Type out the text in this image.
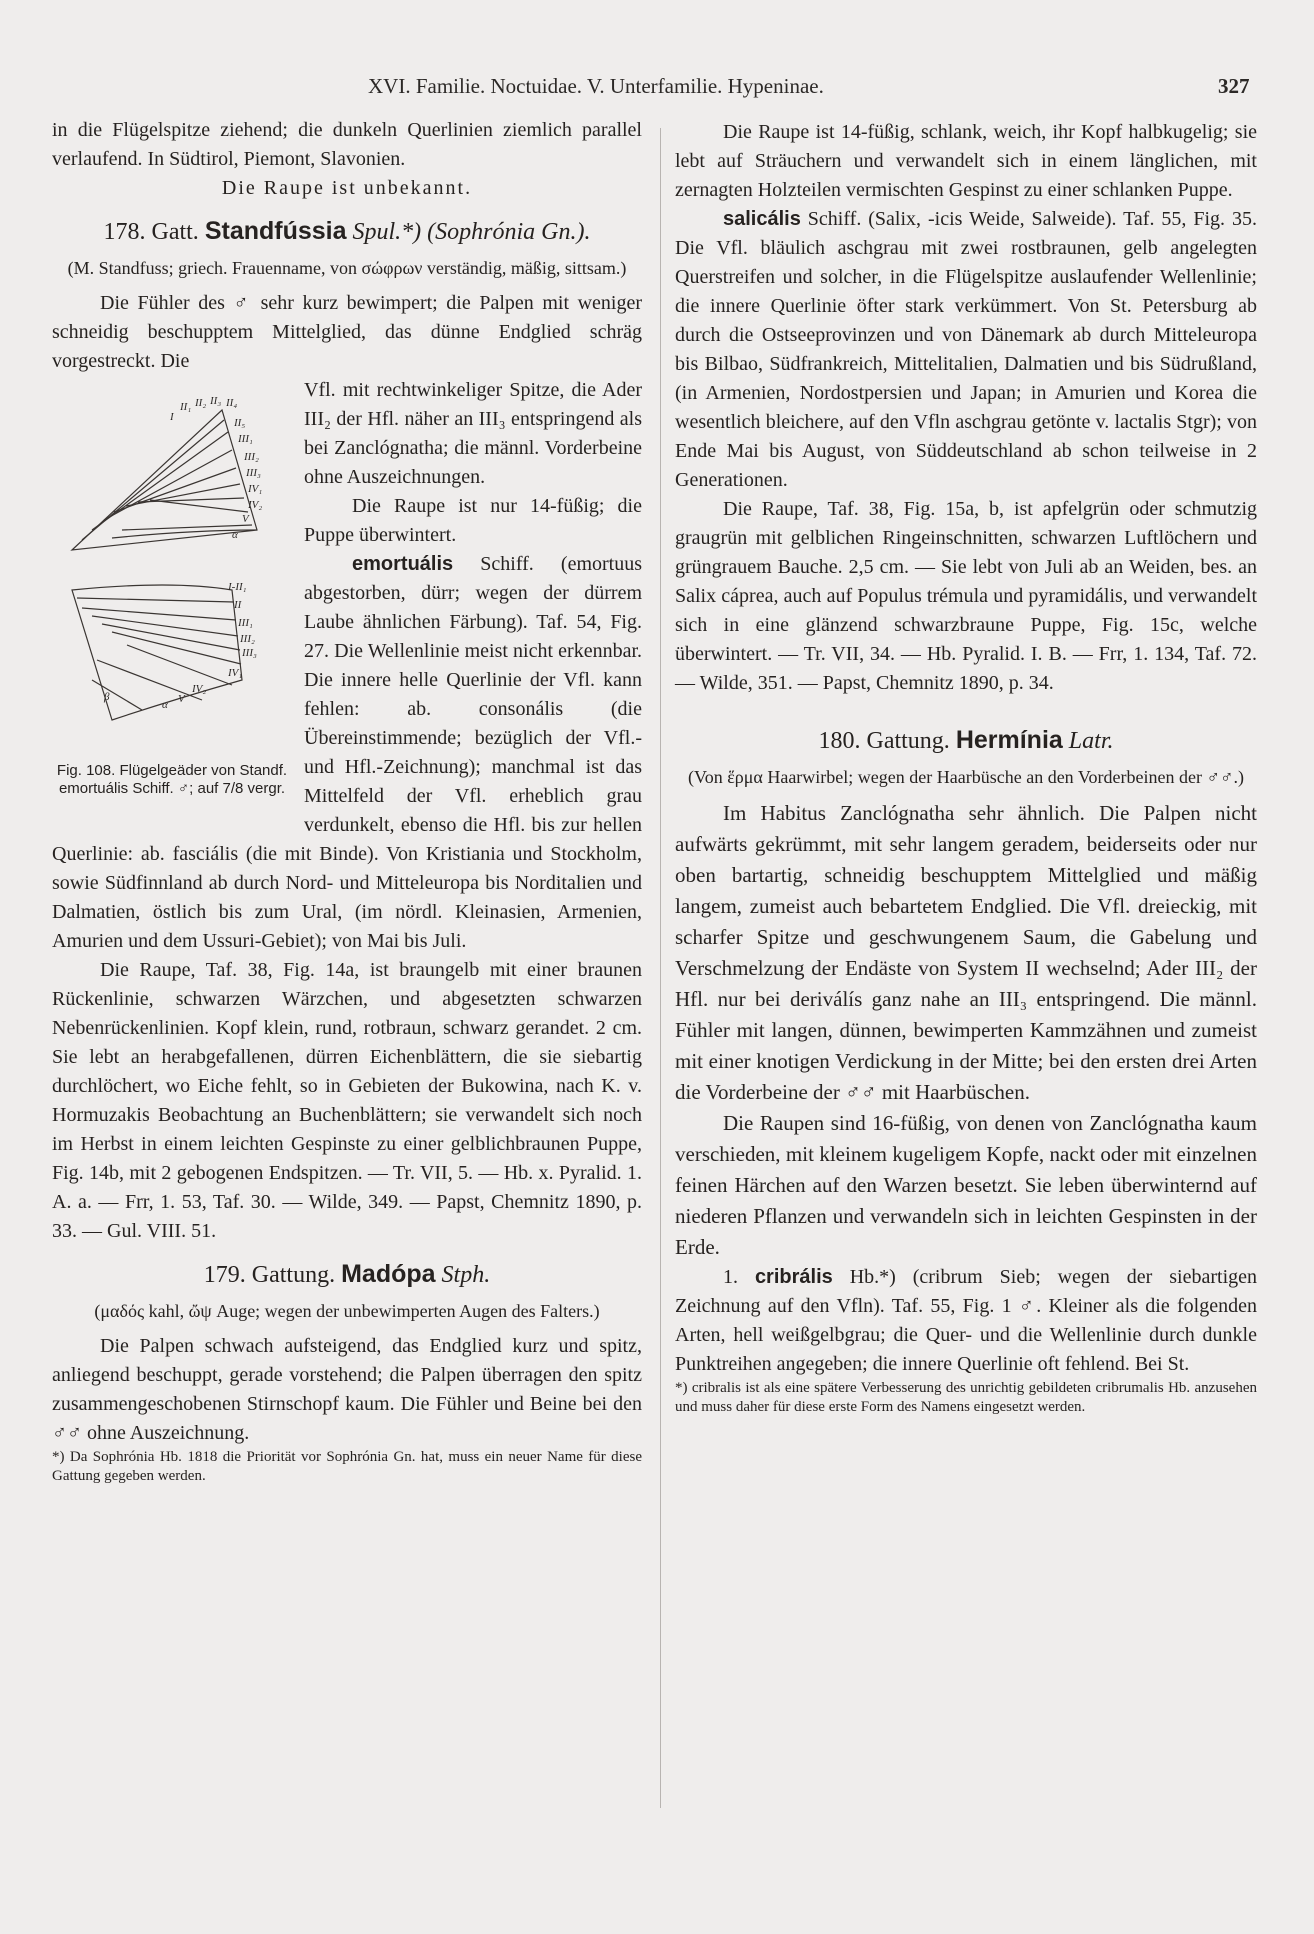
XVI. Familie. Noctuidae. V. Unterfamilie. Hypeninae.	327

in die Flügelspitze ziehend; die dunkeln Querlinien ziemlich parallel verlaufend. In Südtirol, Piemont, Slavonien.

Die Raupe ist unbekannt.

178. Gatt. Standfússia Spul.*) (Sophrónia Gn.).

(M. Standfuss; griech. Frauenname, von σώφρων verständig, mäßig, sittsam.)

Die Fühler des ♂ sehr kurz bewimpert; die Palpen mit weniger schneidig beschupptem Mittelglied, das dünne Endglied schräg vorgestreckt. Die

I
II₁ II₂ II₃ II₄
II₅
III₁
III₂
III₃
IV₁
IV₂
V
α
I-II₁
II
III₁
III₂
III₃
IV₁
IV₂
V
α
β
Fig. 108. Flügelgeäder von Standf. emortuális Schiff. ♂; auf 7/8 vergr.

Vfl. mit rechtwinkeliger Spitze, die Ader III₂ der Hfl. näher an III₃ entspringend als bei Zanclógnatha; die männl. Vorderbeine ohne Auszeichnungen.

Die Raupe ist nur 14-füßig; die Puppe überwintert.

emortuális Schiff. (emortuus abgestorben, dürr; wegen der dürrem Laube ähnlichen Färbung). Taf. 54, Fig. 27. Die Wellenlinie meist nicht erkennbar. Die innere helle Querlinie der Vfl. kann fehlen: ab. consonális (die Übereinstimmende; bezüglich der Vfl.- und Hfl.-Zeichnung); manchmal ist das Mittelfeld der Vfl. erheblich grau verdunkelt, ebenso die Hfl. bis zur hellen Querlinie: ab. fasciális (die mit Binde). Von Kristiania und Stockholm, sowie Südfinnland ab durch Nord- und Mitteleuropa bis Norditalien und Dalmatien, östlich bis zum Ural, (im nördl. Kleinasien, Armenien, Amurien und dem Ussuri-Gebiet); von Mai bis Juli.

Die Raupe, Taf. 38, Fig. 14a, ist braungelb mit einer braunen Rückenlinie, schwarzen Wärzchen, und abgesetzten schwarzen Nebenrückenlinien. Kopf klein, rund, rotbraun, schwarz gerandet. 2 cm. Sie lebt an herabgefallenen, dürren Eichenblättern, die sie siebartig durchlöchert, wo Eiche fehlt, so in Gebieten der Bukowina, nach K. v. Hormuzakis Beobachtung an Buchenblättern; sie verwandelt sich noch im Herbst in einem leichten Gespinste zu einer gelblichbraunen Puppe, Fig. 14b, mit 2 gebogenen Endspitzen. — Tr. VII, 5. — Hb. x. Pyralid. 1. A. a. — Frr, 1. 53, Taf. 30. — Wilde, 349. — Papst, Chemnitz 1890, p. 33. — Gul. VIII. 51.

179. Gattung. Madópa Stph.

(μαδός kahl, ὤψ Auge; wegen der unbewimperten Augen des Falters.)

Die Palpen schwach aufsteigend, das Endglied kurz und spitz, anliegend beschuppt, gerade vorstehend; die Palpen überragen den spitz zusammengeschobenen Stirnschopf kaum. Die Fühler und Beine bei den ♂♂ ohne Auszeichnung.

*) Da Sophrónia Hb. 1818 die Priorität vor Sophrónia Gn. hat, muss ein neuer Name für diese Gattung gegeben werden.

Die Raupe ist 14-füßig, schlank, weich, ihr Kopf halbkugelig; sie lebt auf Sträuchern und verwandelt sich in einem länglichen, mit zernagten Holzteilen vermischten Gespinst zu einer schlanken Puppe.

salicális Schiff. (Salix, -icis Weide, Salweide). Taf. 55, Fig. 35. Die Vfl. bläulich aschgrau mit zwei rostbraunen, gelb angelegten Querstreifen und solcher, in die Flügelspitze auslaufender Wellenlinie; die innere Querlinie öfter stark verkümmert. Von St. Petersburg ab durch die Ostseeprovinzen und von Dänemark ab durch Mitteleuropa bis Bilbao, Südfrankreich, Mittelitalien, Dalmatien und bis Südrußland, (in Armenien, Nordostpersien und Japan; in Amurien und Korea die wesentlich bleichere, auf den Vfln aschgrau getönte v. lactalis Stgr); von Ende Mai bis August, von Süddeutschland ab schon teilweise in 2 Generationen.

Die Raupe, Taf. 38, Fig. 15a, b, ist apfelgrün oder schmutzig graugrün mit gelblichen Ringeinschnitten, schwarzen Luftlöchern und grüngrauem Bauche. 2,5 cm. — Sie lebt von Juli ab an Weiden, bes. an Salix cáprea, auch auf Populus trémula und pyramidális, und verwandelt sich in eine glänzend schwarzbraune Puppe, Fig. 15c, welche überwintert. — Tr. VII, 34. — Hb. Pyralid. I. B. — Frr, 1. 134, Taf. 72. — Wilde, 351. — Papst, Chemnitz 1890, p. 34.

180. Gattung. Hermínia Latr.

(Von ἕρμα Haarwirbel; wegen der Haarbüsche an den Vorderbeinen der ♂♂.)

Im Habitus Zanclógnatha sehr ähnlich. Die Palpen nicht aufwärts gekrümmt, mit sehr langem geradem, beiderseits oder nur oben bartartig, schneidig beschupptem Mittelglied und mäßig langem, zumeist auch bebartetem Endglied. Die Vfl. dreieckig, mit scharfer Spitze und geschwungenem Saum, die Gabelung und Verschmelzung der Endäste von System II wechselnd; Ader III₂ der Hfl. nur bei deriválís ganz nahe an III₃ entspringend. Die männl. Fühler mit langen, dünnen, bewimperten Kammzähnen und zumeist mit einer knotigen Verdickung in der Mitte; bei den ersten drei Arten die Vorderbeine der ♂♂ mit Haarbüschen.

Die Raupen sind 16-füßig, von denen von Zanclógnatha kaum verschieden, mit kleinem kugeligem Kopfe, nackt oder mit einzelnen feinen Härchen auf den Warzen besetzt. Sie leben überwinternd auf niederen Pflanzen und verwandeln sich in leichten Gespinsten in der Erde.

1. cribrális Hb.*) (cribrum Sieb; wegen der siebartigen Zeichnung auf den Vfln). Taf. 55, Fig. 1 ♂. Kleiner als die folgenden Arten, hell weißgelbgrau; die Quer- und die Wellenlinie durch dunkle Punktreihen angegeben; die innere Querlinie oft fehlend. Bei St.

*) cribralis ist als eine spätere Verbesserung des unrichtig gebildeten cribrumalis Hb. anzusehen und muss daher für diese erste Form des Namens eingesetzt werden.
